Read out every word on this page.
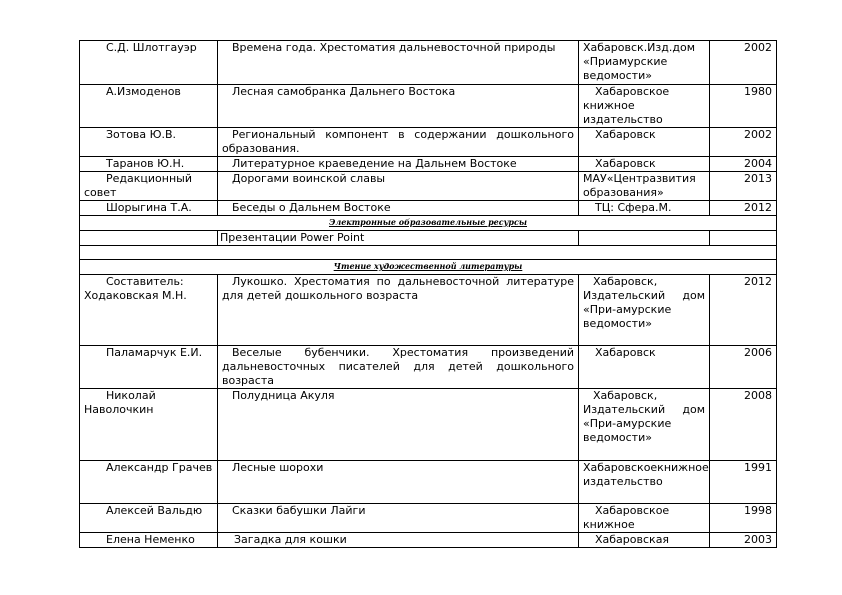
С.Д. Шлотгауэр	Времена года. Хрестоматия дальневосточной природы	Хабаровск.Изд.дом «Приамурские ведомости»	2002
А.Измоденов	Лесная самобранка Дальнего Востока	Хабаровское книжное издательство	1980
Зотова Ю.В.	Региональный компонент в содержании дошкольного образования.	Хабаровск	2002
Таранов Ю.Н.	Литературное краеведение на Дальнем Востоке	Хабаровск	2004
Редакционный совет	Дорогами воинской славы	МАУ«Центразвития образования»	2013
Шорыгина Т.А.	Беседы о Дальнем Востоке	ТЦ: Сфера.М.	2012
Электронные образовательные ресурсы			
	Презентации Power Point		

Чтение художественной литературы			
Составитель: Ходаковская М.Н.	Лукошко. Хрестоматия по дальневосточной литературе для детей дошкольного возраста	Хабаровск, Издательский дом «При-амурские ведомости»	2012
Паламарчук Е.И.	Веселые бубенчики. Хрестоматия произведений дальневосточных писателей для детей дошкольного возраста	Хабаровск	2006
Николай Наволочкин	Полудница Акуля	Хабаровск, Издательский дом «При-амурские ведомости»	2008
Александр Грачев	Лесные шорохи	Хабаровскоекнижное издательство	1991
Алексей Вальдю	Сказки бабушки Лайги	Хабаровское книжное	1998
Елена Неменко	Загадка для кошки	Хабаровская	2003
